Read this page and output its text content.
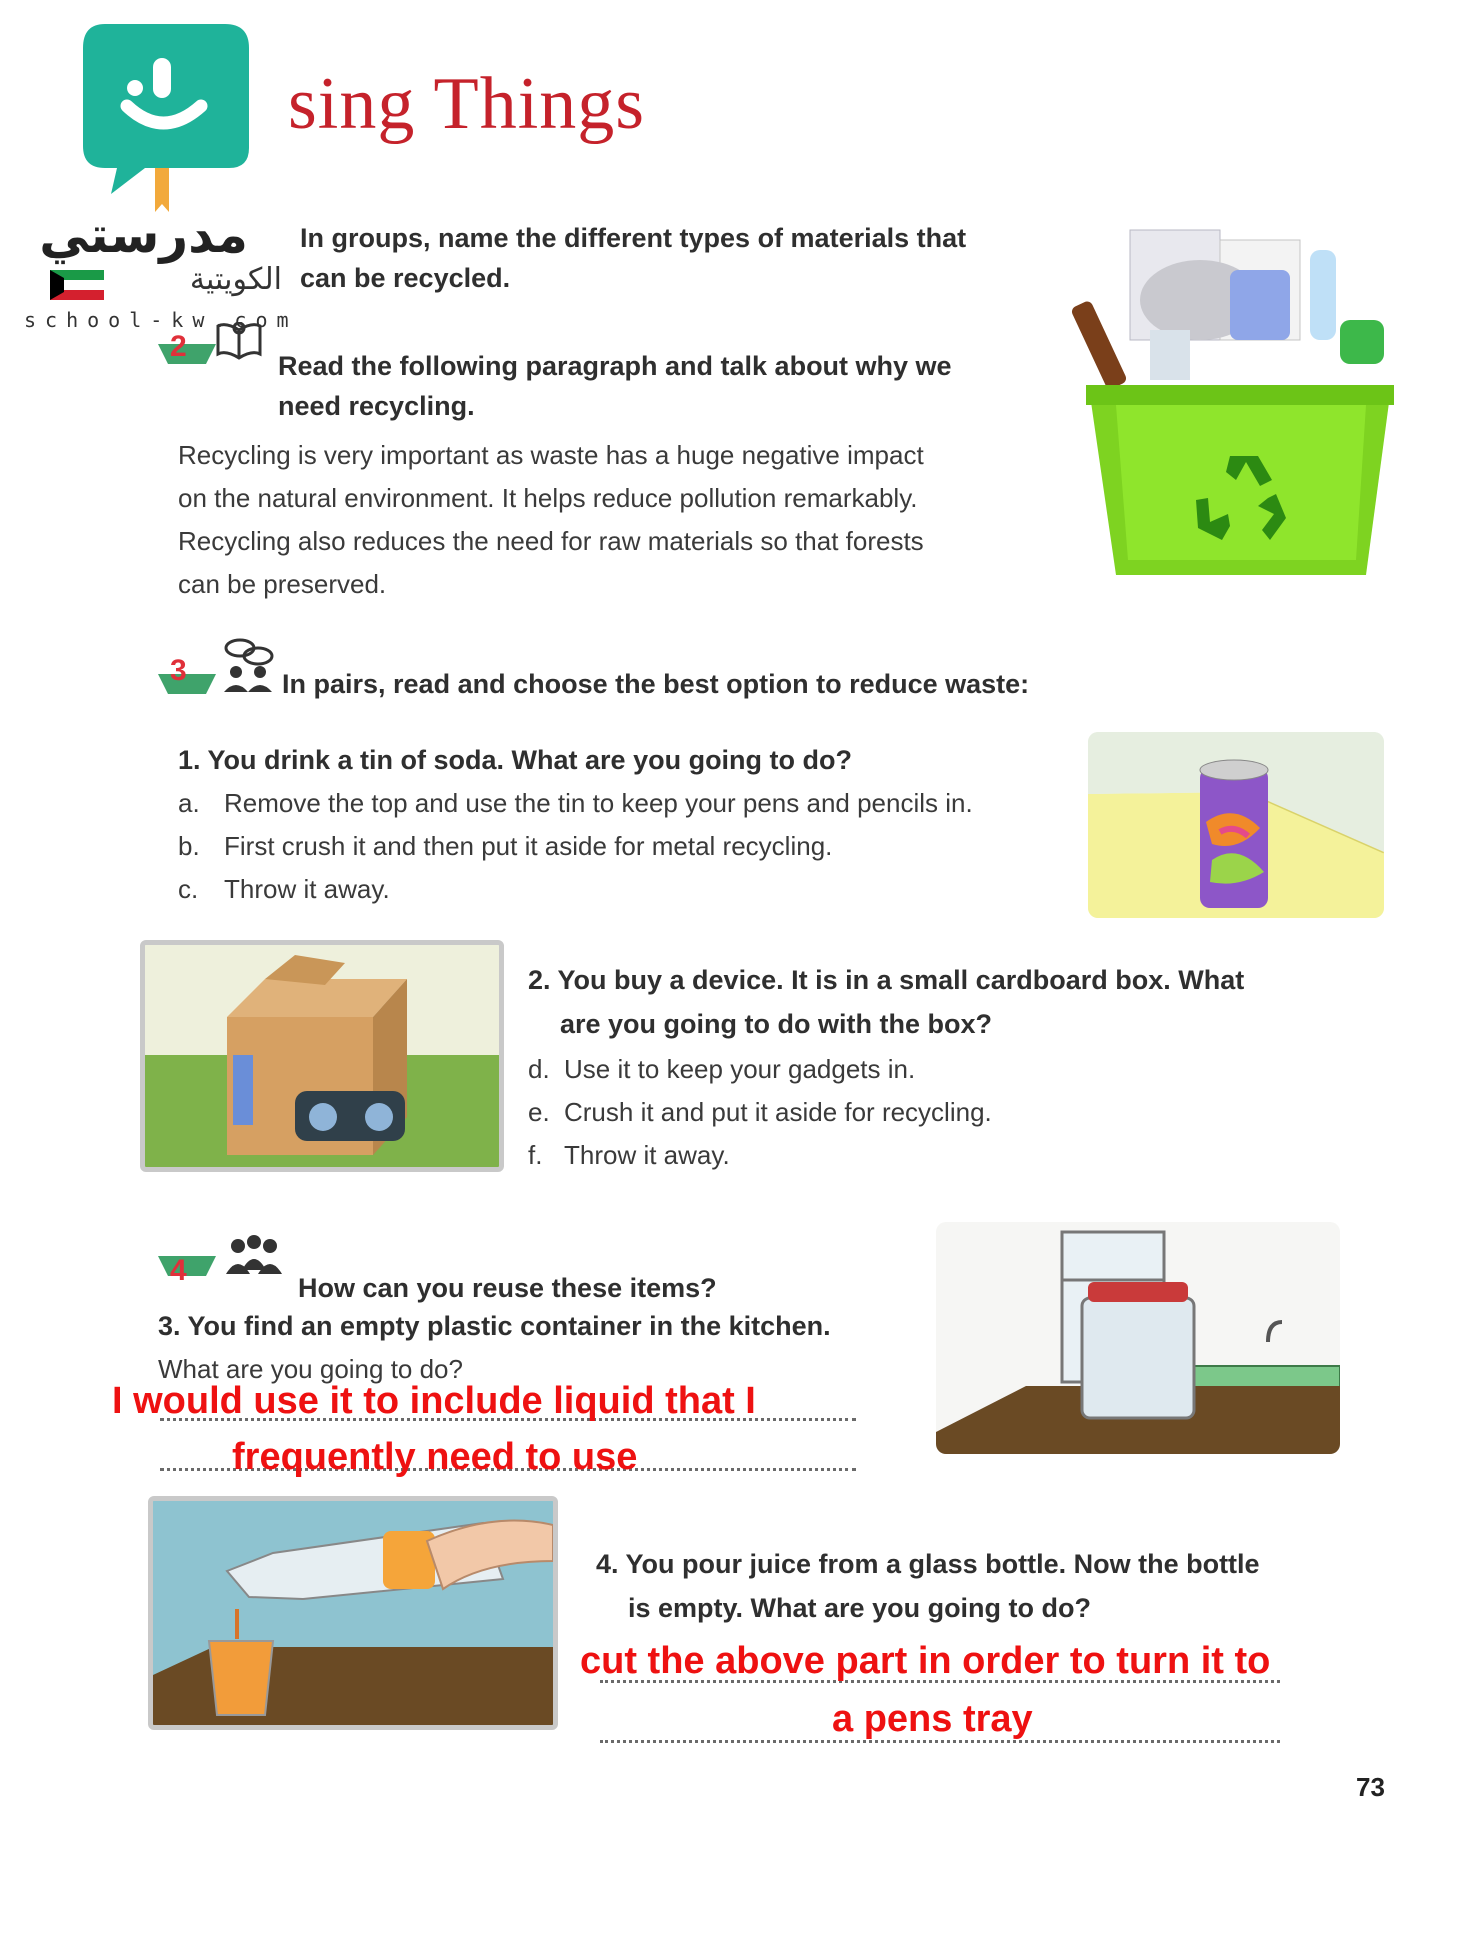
مدرستي
الكويتية
school-kw.com
sing Things
In groups, name the different types of materials that
can be recycled.
2
Read the following paragraph and talk about why we
need recycling.
Recycling is very important as waste has a huge negative impact
on the natural environment. It helps reduce pollution remarkably.
Recycling also reduces the need for raw materials so that forests
can be preserved.
3	In pairs, read and choose the best option to reduce waste:
1. You drink a tin of soda. What are you going to do?
a. Remove the top and use the tin to keep your pens and pencils in.
b. First crush it and then put it aside for metal recycling.
c. Throw it away.
2. You buy a device. It is in a small cardboard box. What
are you going to do with the box?
d. Use it to keep your gadgets in.
e. Crush it and put it aside for recycling.
f. Throw it away.
4
How can you reuse these items?
3. You find an empty plastic container in the kitchen.
What are you going to do?
I would use it to include liquid that I
frequently need to use
4. You pour juice from a glass bottle. Now the bottle
is empty. What are you going to do?
cut the above part in order to turn it to
a pens tray
73
